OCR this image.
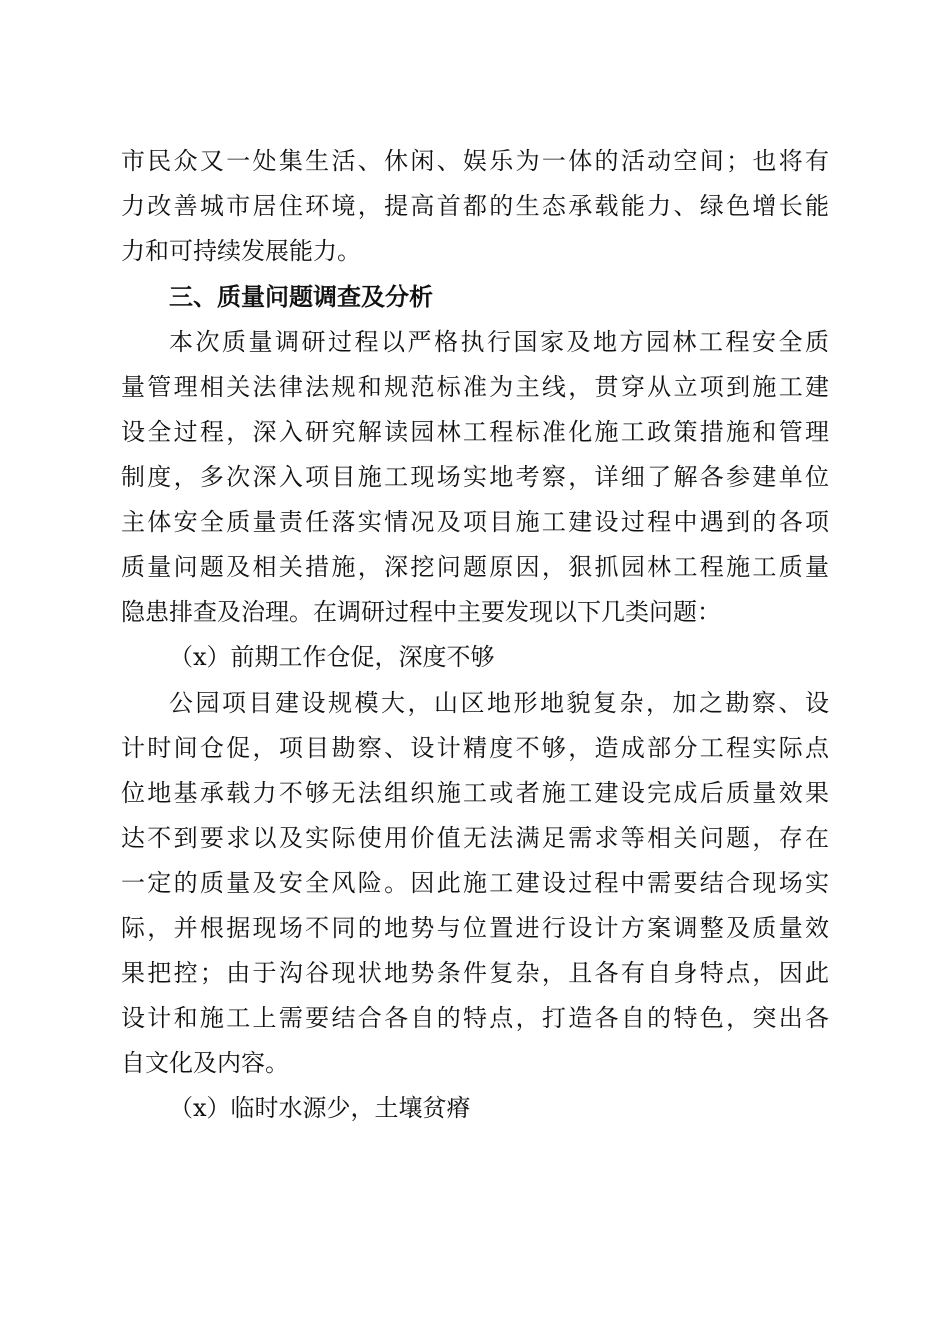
市民众又一处集生活、休闲、娱乐为一体的活动空间；也将有
力改善城市居住环境，提高首都的生态承载能力、绿色增长能
力和可持续发展能力。
三、质量问题调查及分析
本次质量调研过程以严格执行国家及地方园林工程安全质
量管理相关法律法规和规范标准为主线，贯穿从立项到施工建
设全过程，深入研究解读园林工程标准化施工政策措施和管理
制度，多次深入项目施工现场实地考察，详细了解各参建单位
主体安全质量责任落实情况及项目施工建设过程中遇到的各项
质量问题及相关措施，深挖问题原因，狠抓园林工程施工质量
隐患排查及治理。在调研过程中主要发现以下几类问题：
（x）前期工作仓促，深度不够
公园项目建设规模大，山区地形地貌复杂，加之勘察、设
计时间仓促，项目勘察、设计精度不够，造成部分工程实际点
位地基承载力不够无法组织施工或者施工建设完成后质量效果
达不到要求以及实际使用价值无法满足需求等相关问题，存在
一定的质量及安全风险。因此施工建设过程中需要结合现场实
际，并根据现场不同的地势与位置进行设计方案调整及质量效
果把控；由于沟谷现状地势条件复杂，且各有自身特点，因此
设计和施工上需要结合各自的特点，打造各自的特色，突出各
自文化及内容。
（x）临时水源少，土壤贫瘠
